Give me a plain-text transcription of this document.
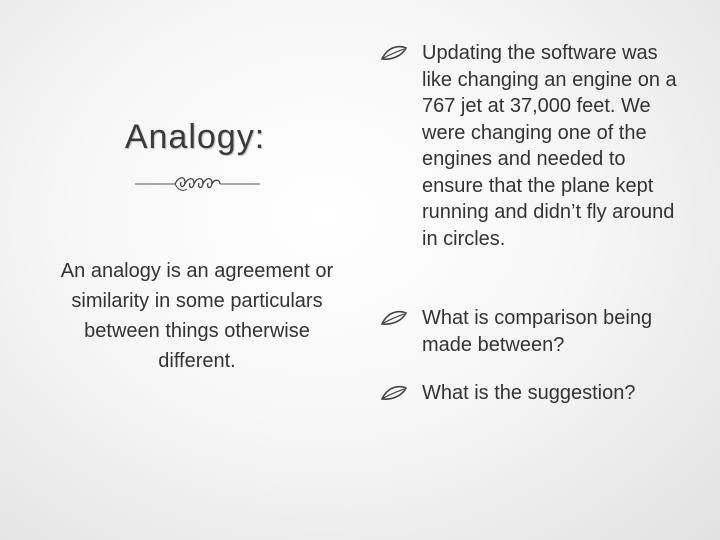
Analogy:

An analogy is an agreement or similarity in some particulars between things otherwise different.

Updating the software was like changing an engine on a 767 jet at 37,000 feet. We were changing one of the engines and needed to ensure that the plane kept running and didn’t fly around in circles.
What is comparison being made between?
What is the suggestion?
